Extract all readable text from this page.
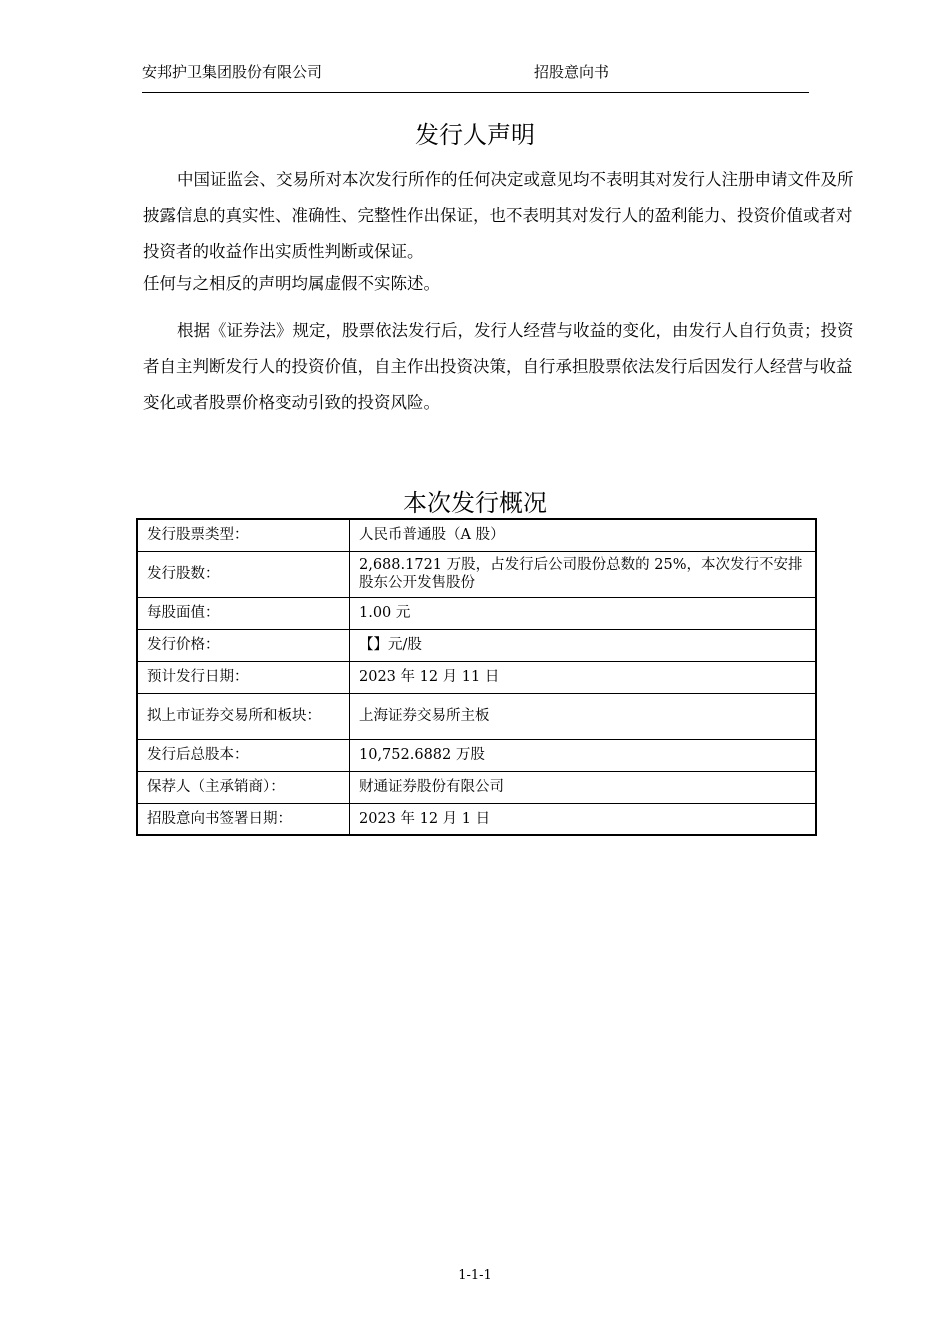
安邦护卫集团股份有限公司	招股意向书
发行人声明

中国证监会、交易所对本次发行所作的任何决定或意见均不表明其对发行人注册申请文件及所披露信息的真实性、准确性、完整性作出保证，也不表明其对发行人的盈利能力、投资价值或者对投资者的收益作出实质性判断或保证。

任何与之相反的声明均属虚假不实陈述。

根据《证券法》规定，股票依法发行后，发行人经营与收益的变化，由发行人自行负责；投资者自主判断发行人的投资价值，自主作出投资决策，自行承担股票依法发行后因发行人经营与收益变化或者股票价格变动引致的投资风险。

本次发行概况
发行股票类型：	人民币普通股（A 股）
发行股数：	2,688.1721 万股，占发行后公司股份总数的 25%，本次发行不安排股东公开发售股份
每股面值：	1.00 元
发行价格：	【】元/股
预计发行日期：	2023 年 12 月 11 日
拟上市证券交易所和板块：	上海证券交易所主板
发行后总股本：	10,752.6882 万股
保荐人（主承销商）：	财通证券股份有限公司
招股意向书签署日期：	2023 年 12 月 1 日
1-1-1
